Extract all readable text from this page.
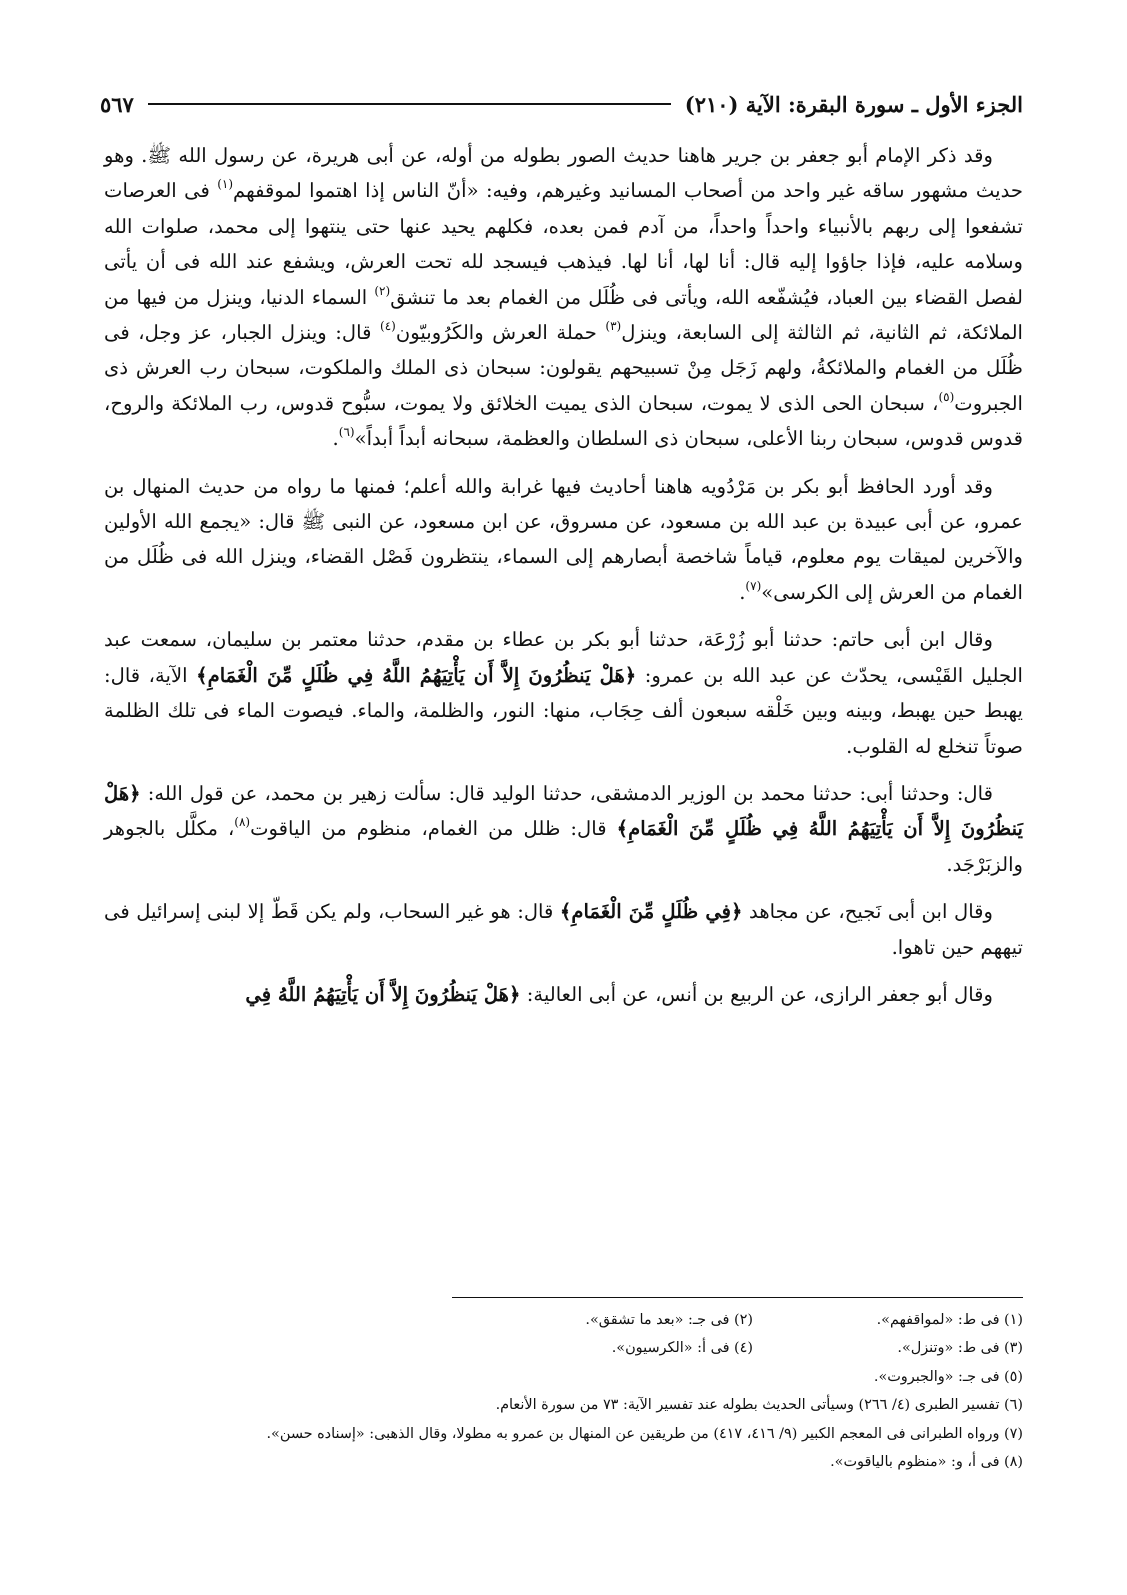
الجزء الأول ـ سورة البقرة: الآية (٢١٠)
٥٦٧

وقد ذكر الإمام أبو جعفر بن جرير هاهنا حديث الصور بطوله من أوله، عن أبى هريرة، عن رسول الله ﷺ. وهو حديث مشهور ساقه غير واحد من أصحاب المسانيد وغيرهم، وفيه: «أنّ الناس إذا اهتموا لموقفهم$^{(١)}$ فى العرصات تشفعوا إلى ربهم بالأنبياء واحداً واحداً، من آدم فمن بعده، فكلهم يحيد عنها حتى ينتهوا إلى محمد، صلوات الله وسلامه عليه، فإذا جاؤوا إليه قال: أنا لها، أنا لها. فيذهب فيسجد لله تحت العرش، ويشفع عند الله فى أن يأتى لفصل القضاء بين العباد، فيُشفّعه الله، ويأتى فى ظُلَل من الغمام بعد ما تنشق$^{(٢)}$ السماء الدنيا، وينزل من فيها من الملائكة، ثم الثانية، ثم الثالثة إلى السابعة، وينزل$^{(٣)}$ حملة العرش والكَرُوبيّون$^{(٤)}$ قال: وينزل الجبار، عز وجل، فى ظُلَل من الغمام والملائكةُ، ولهم زَجَل مِنْ تسبيحهم يقولون: سبحان ذى الملك والملكوت، سبحان رب العرش ذى الجبروت$^{(٥)}$، سبحان الحى الذى لا يموت، سبحان الذى يميت الخلائق ولا يموت، سبُّوح قدوس، رب الملائكة والروح، قدوس قدوس، سبحان ربنا الأعلى، سبحان ذى السلطان والعظمة، سبحانه أبداً أبداً»$^{(٦)}$.

وقد أورد الحافظ أبو بكر بن مَرْدُويه هاهنا أحاديث فيها غرابة والله أعلم؛ فمنها ما رواه من حديث المنهال بن عمرو، عن أبى عبيدة بن عبد الله بن مسعود، عن مسروق، عن ابن مسعود، عن النبى ﷺ قال: «يجمع الله الأولين والآخرين لميقات يوم معلوم، قياماً شاخصة أبصارهم إلى السماء، ينتظرون فَصْل القضاء، وينزل الله فى ظُلَل من الغمام من العرش إلى الكرسى»$^{(٧)}$.

وقال ابن أبى حاتم: حدثنا أبو زُرْعَة، حدثنا أبو بكر بن عطاء بن مقدم، حدثنا معتمر بن سليمان، سمعت عبد الجليل القَيْسى، يحدّث عن عبد الله بن عمرو: ﴿هَلْ يَنظُرُونَ إِلاَّ أَن يَأْتِيَهُمُ اللَّهُ فِي ظُلَلٍ مِّنَ الْغَمَامِ﴾ الآية، قال: يهبط حين يهبط، وبينه وبين خَلْقه سبعون ألف حِجَاب، منها: النور، والظلمة، والماء. فيصوت الماء فى تلك الظلمة صوتاً تنخلع له القلوب.

قال: وحدثنا أبى: حدثنا محمد بن الوزير الدمشقى، حدثنا الوليد قال: سألت زهير بن محمد، عن قول الله: ﴿هَلْ يَنظُرُونَ إِلاَّ أَن يَأْتِيَهُمُ اللَّهُ فِي ظُلَلٍ مِّنَ الْغَمَامِ﴾ قال: ظلل من الغمام، منظوم من الياقوت$^{(٨)}$، مكلَّل بالجوهر والزبَرْجَد.

وقال ابن أبى نَجيح، عن مجاهد ﴿فِي ظُلَلٍ مِّنَ الْغَمَامِ﴾ قال: هو غير السحاب، ولم يكن قَطّ إلا لبنى إسرائيل فى تيههم حين تاهوا.

وقال أبو جعفر الرازى، عن الربيع بن أنس، عن أبى العالية: ﴿هَلْ يَنظُرُونَ إِلاَّ أَن يَأْتِيَهُمُ اللَّهُ فِي

(١) فى ط: «لمواقفهم».
(٢) فى جـ: «بعد ما تشقق».
(٣) فى ط: «وتنزل».
(٤) فى أ: «الكرسيون».
(٥) فى جـ: «والجبروت».
(٦) تفسير الطبرى (٤/ ٢٦٦) وسيأتى الحديث بطوله عند تفسير الآية: ٧٣ من سورة الأنعام.
(٧) ورواه الطبرانى فى المعجم الكبير (٩/ ٤١٦، ٤١٧) من طريقين عن المنهال بن عمرو به مطولا، وقال الذهبى: «إسناده حسن».
(٨) فى أ، و: «منظوم بالياقوت».
